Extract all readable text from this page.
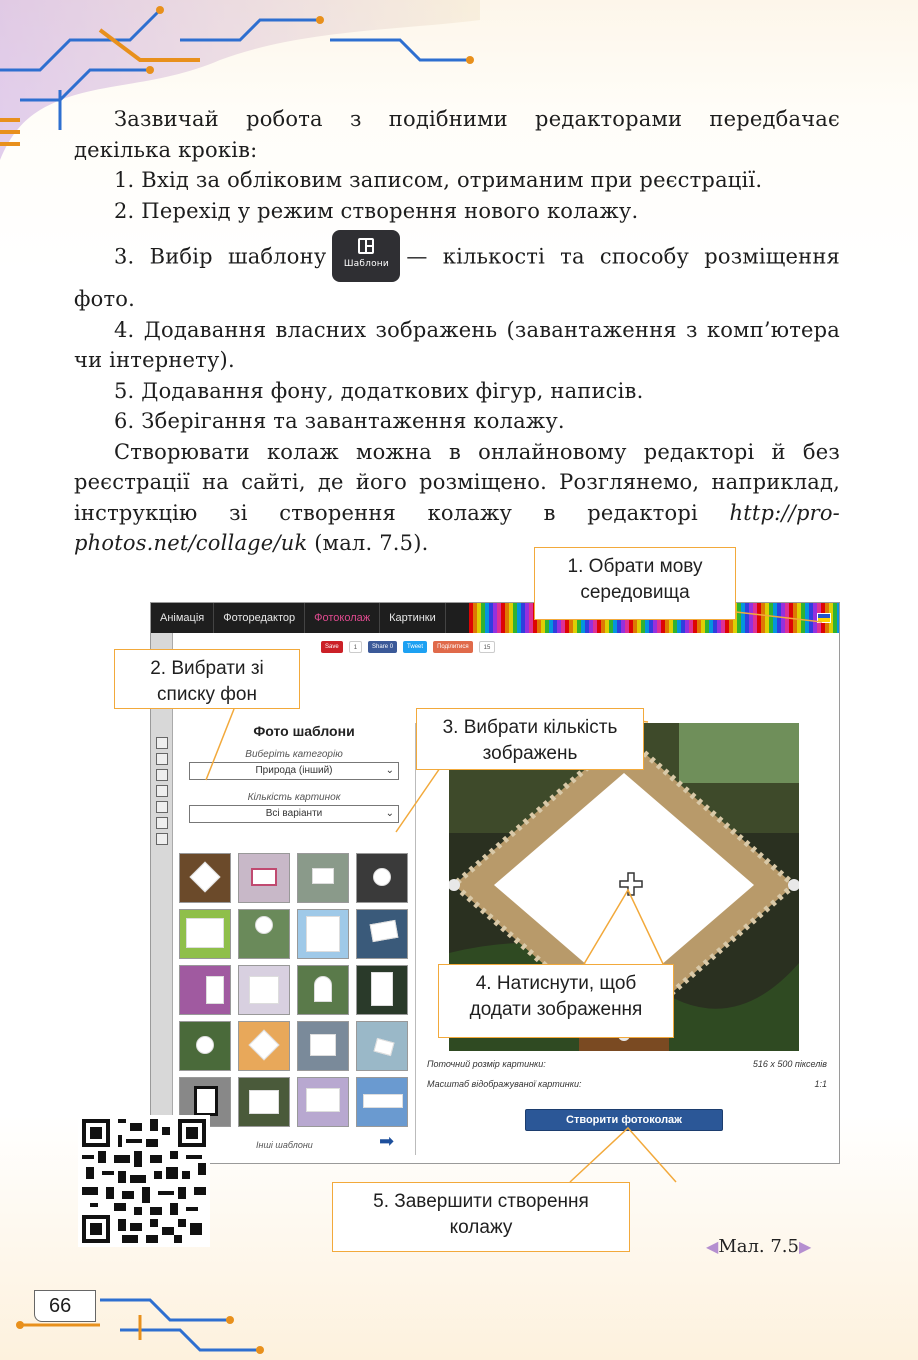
Зазвичай робота з подібними редакторами передбачає декілька кроків:

1. Вхід за обліковим записом, отриманим при реєстрації.

2. Перехід у режим створення нового колажу.

3. Вибір шаблону Шаблони — кількості та способу розміщення фото.

4. Додавання власних зображень (завантаження з комп’ютера чи інтернету).

5. Додавання фону, додаткових фігур, написів.

6. Зберігання та завантаження колажу.

Створювати колаж можна в онлайновому редакторі й без реєстрації на сайті, де його розміщено. Розглянемо, наприклад, інструкцію зі створення колажу в редакторі http://pro-photos.net/collage/uk (мал. 7.5).

Анімація	Фоторедактор	Фотоколаж	Картинки
Save	1	Share 0	Tweet	Поділитися	15
Фото шаблони
Виберіть категорію
Природа (інший)	⌄
Кількість картинок
Всі варіанти	⌄
Інші шаблони	➡
Поточний розмір картинки:	516 x 500 пікселів
Масштаб відображуваної картинки:	1:1
Створити фотоколаж
1. Обрати мову середовища
2. Вибрати зі списку фон
3. Вибрати кількість зображень
4. Натиснути, щоб додати зображення
5. Завершити створення колажу
◀Мал. 7.5▶
66
